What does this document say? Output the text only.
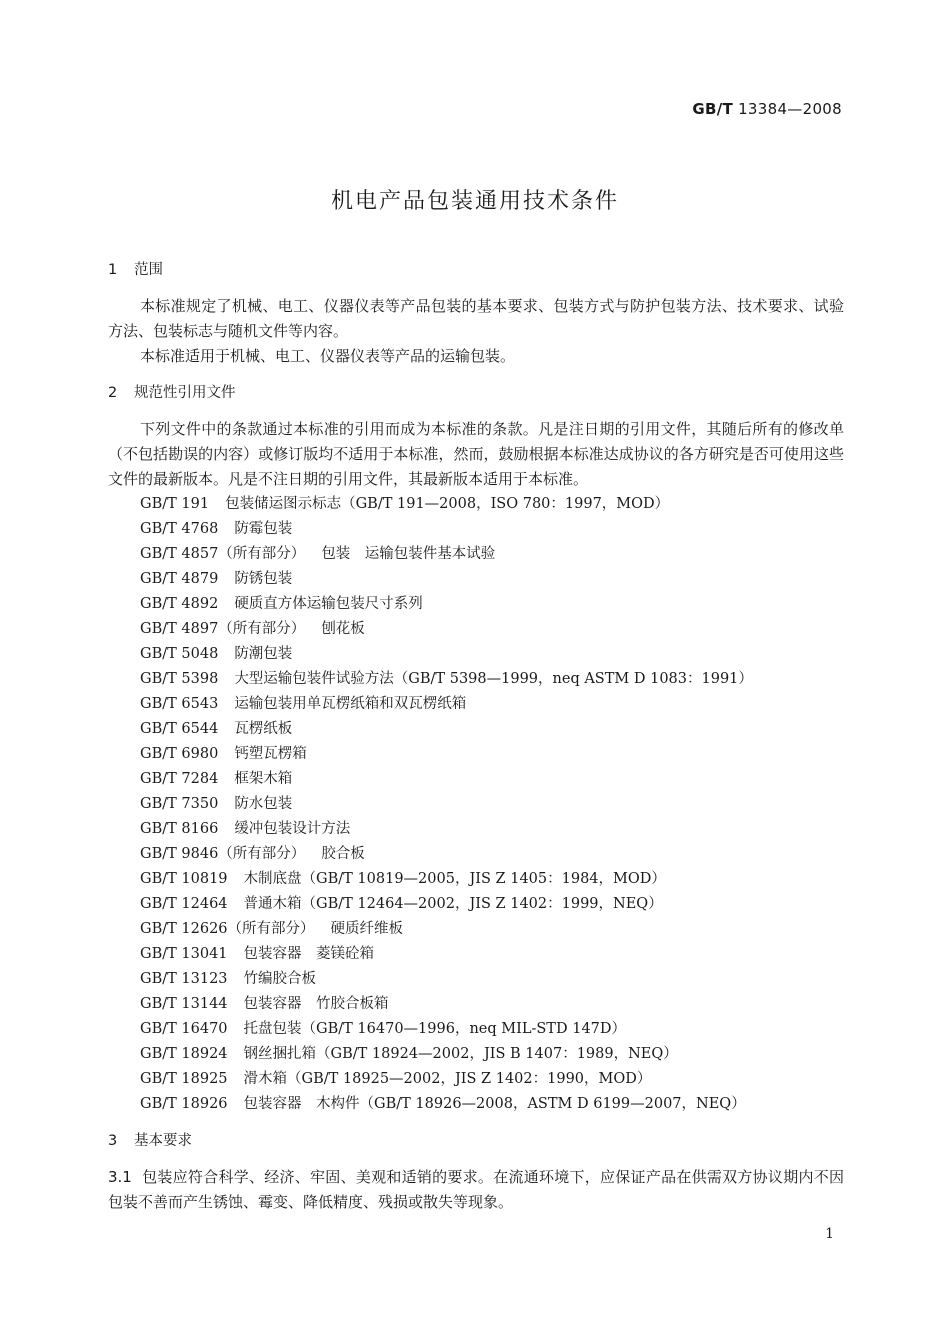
GB/T 13384—2008
机电产品包装通用技术条件
1 范围

本标准规定了机械、电工、仪器仪表等产品包装的基本要求、包装方式与防护包装方法、技术要求、试验方法、包装标志与随机文件等内容。

本标准适用于机械、电工、仪器仪表等产品的运输包装。

2 规范性引用文件

下列文件中的条款通过本标准的引用而成为本标准的条款。凡是注日期的引用文件，其随后所有的修改单（不包括勘误的内容）或修订版均不适用于本标准，然而，鼓励根据本标准达成协议的各方研究是否可使用这些文件的最新版本。凡是不注日期的引用文件，其最新版本适用于本标准。

GB/T 191 包装储运图示标志（GB/T 191—2008，ISO 780：1997，MOD）
GB/T 4768 防霉包装
GB/T 4857（所有部分） 包装　运输包装件基本试验
GB/T 4879 防锈包装
GB/T 4892 硬质直方体运输包装尺寸系列
GB/T 4897（所有部分） 刨花板
GB/T 5048 防潮包装
GB/T 5398 大型运输包装件试验方法（GB/T 5398—1999，neq ASTM D 1083：1991）
GB/T 6543 运输包装用单瓦楞纸箱和双瓦楞纸箱
GB/T 6544 瓦楞纸板
GB/T 6980 钙塑瓦楞箱
GB/T 7284 框架木箱
GB/T 7350 防水包装
GB/T 8166 缓冲包装设计方法
GB/T 9846（所有部分） 胶合板
GB/T 10819 木制底盘（GB/T 10819—2005，JIS Z 1405：1984，MOD）
GB/T 12464 普通木箱（GB/T 12464—2002，JIS Z 1402：1999，NEQ）
GB/T 12626（所有部分） 硬质纤维板
GB/T 13041 包装容器　菱镁砼箱
GB/T 13123 竹编胶合板
GB/T 13144 包装容器　竹胶合板箱
GB/T 16470 托盘包装（GB/T 16470—1996，neq MIL-STD 147D）
GB/T 18924 钢丝捆扎箱（GB/T 18924—2002，JIS B 1407：1989，NEQ）
GB/T 18925 滑木箱（GB/T 18925—2002，JIS Z 1402：1990，MOD）
GB/T 18926 包装容器　木构件（GB/T 18926—2008，ASTM D 6199—2007，NEQ）
3 基本要求

3.1 包装应符合科学、经济、牢固、美观和适销的要求。在流通环境下，应保证产品在供需双方协议期内不因包装不善而产生锈蚀、霉变、降低精度、残损或散失等现象。

1
